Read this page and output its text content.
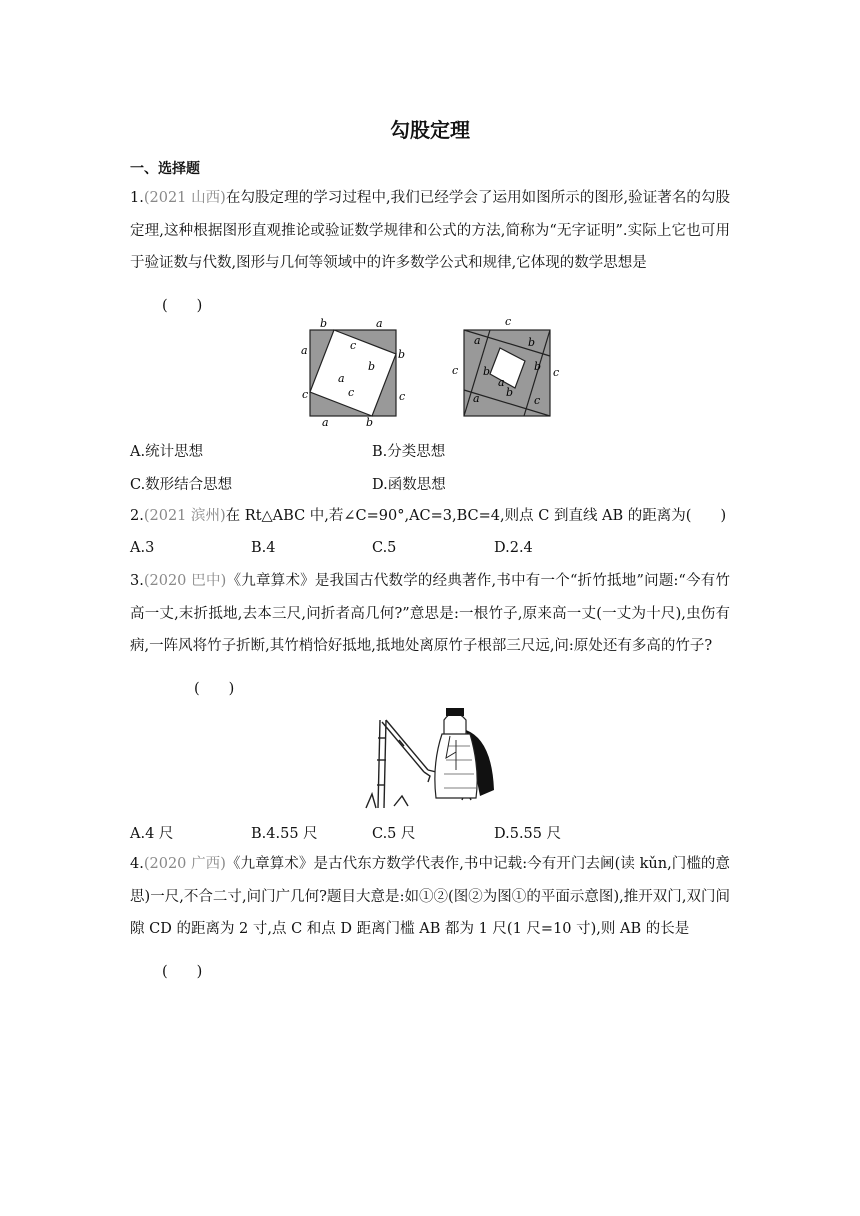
勾股定理
一、选择题
1.(2021 山西)在勾股定理的学习过程中,我们已经学会了运用如图所示的图形,验证著名的勾股定理,这种根据图形直观推论或验证数学规律和公式的方法,简称为“无字证明”.实际上它也可用于验证数与代数,图形与几何等领域中的许多数学公式和规律,它体现的数学思想是
(　　)
b	a
a	b
c
c
c	c
b
a
a
b
c
a	b
c	c
b	b
a
b
a	c
A.统计思想	B.分类思想
C.数形结合思想	D.函数思想
2.(2021 滨州)在 Rt△ABC 中,若∠C=90°,AC=3,BC=4,则点 C 到直线 AB 的距离为(　　)
A.3	B.4	C.5	D.2.4
3.(2020 巴中)《九章算术》是我国古代数学的经典著作,书中有一个“折竹抵地”问题:“今有竹高一丈,末折抵地,去本三尺,问折者高几何?”意思是:一根竹子,原来高一丈(一丈为十尺),虫伤有病,一阵风将竹子折断,其竹梢恰好抵地,抵地处离原竹子根部三尺远,问:原处还有多高的竹子?
(　　)
A.4 尺	B.4.55 尺	C.5 尺	D.5.55 尺
4.(2020 广西)《九章算术》是古代东方数学代表作,书中记载:今有开门去阃(读 kǔn,门槛的意思)一尺,不合二寸,问门广几何?题目大意是:如①②(图②为图①的平面示意图),推开双门,双门间隙 CD 的距离为 2 寸,点 C 和点 D 距离门槛 AB 都为 1 尺(1 尺=10 寸),则 AB 的长是
(　　)
